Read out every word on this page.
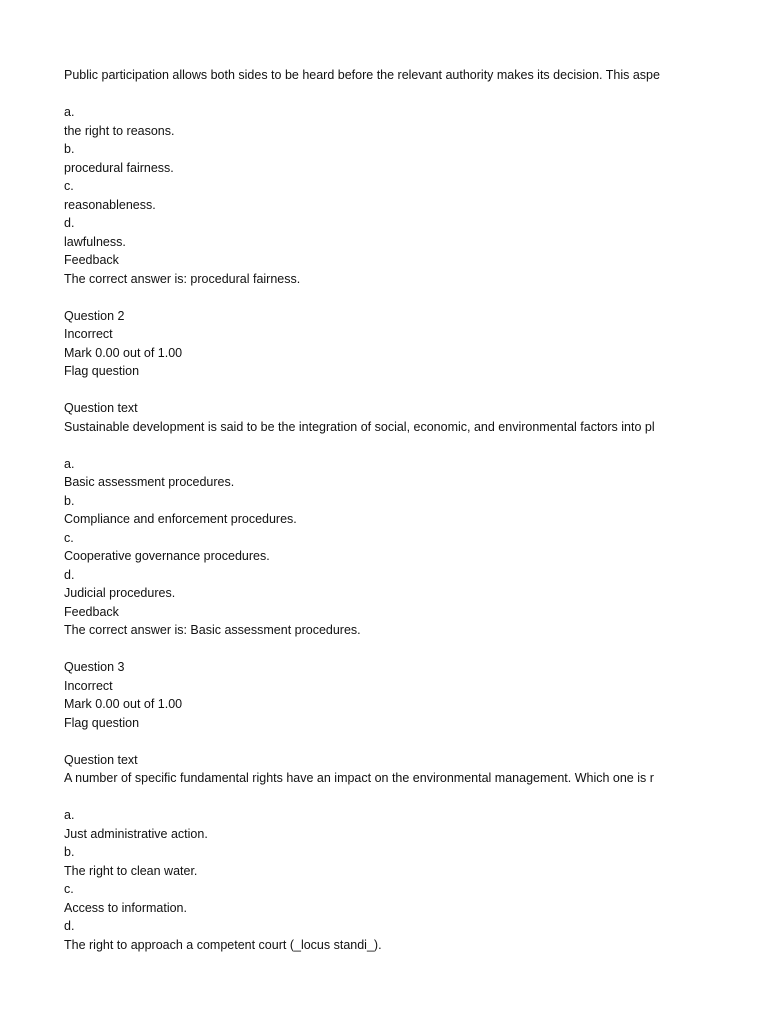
Public participation allows both sides to be heard before the relevant authority makes its decision. This aspe
a.
the right to reasons.
b.
procedural fairness.
c.
reasonableness.
d.
lawfulness.
Feedback
The correct answer is: procedural fairness.
Question 2
Incorrect
Mark 0.00 out of 1.00
Flag question
Question text
Sustainable development is said to be the integration of social, economic, and environmental factors into pl
a.
Basic assessment procedures.
b.
Compliance and enforcement procedures.
c.
Cooperative governance procedures.
d.
Judicial procedures.
Feedback
The correct answer is: Basic assessment procedures.
Question 3
Incorrect
Mark 0.00 out of 1.00
Flag question
Question text
A number of specific fundamental rights have an impact on the environmental management. Which one is r
a.
Just administrative action.
b.
The right to clean water.
c.
Access to information.
d.
The right to approach a competent court (_locus standi_).
